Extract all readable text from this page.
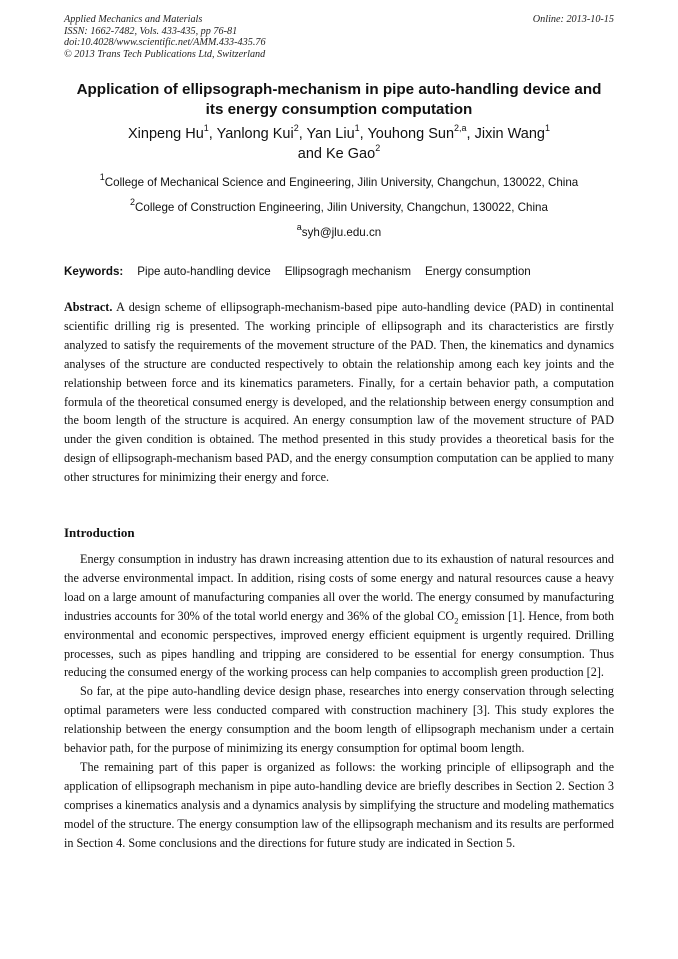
Applied Mechanics and Materials
ISSN: 1662-7482, Vols. 433-435, pp 76-81
doi:10.4028/www.scientific.net/AMM.433-435.76
© 2013 Trans Tech Publications Ltd, Switzerland
Online: 2013-10-15
Application of ellipsograph-mechanism in pipe auto-handling device and
its energy consumption computation
Xinpeng Hu$^1$, Yanlong Kui$^2$, Yan Liu$^1$, Youhong Sun$^{2,a}$, Jixin Wang$^1$
and Ke Gao$^2$
$^1$College of Mechanical Science and Engineering, Jilin University, Changchun, 130022, China
$^2$College of Construction Engineering, Jilin University, Changchun, 130022, China
$^a$syh@jlu.edu.cn
Keywords: Pipe auto-handling device Ellipsogragh mechanism Energy consumption
Abstract. A design scheme of ellipsograph-mechanism-based pipe auto-handling device (PAD) in continental scientific drilling rig is presented. The working principle of ellipsograph and its characteristics are firstly analyzed to satisfy the requirements of the movement structure of the PAD. Then, the kinematics and dynamics analyses of the structure are conducted respectively to obtain the relationship among each key joints and the relationship between force and its kinematics parameters. Finally, for a certain behavior path, a computation formula of the theoretical consumed energy is developed, and the relationship between energy consumption and the boom length of the structure is acquired. An energy consumption law of the movement structure of PAD under the given condition is obtained. The method presented in this study provides a theoretical basis for the design of ellipsograph-mechanism based PAD, and the energy consumption computation can be applied to many other structures for minimizing their energy and force.
Introduction

Energy consumption in industry has drawn increasing attention due to its exhaustion of natural resources and the adverse environmental impact. In addition, rising costs of some energy and natural resources cause a heavy load on a large amount of manufacturing companies all over the world. The energy consumed by manufacturing industries accounts for 30% of the total world energy and 36% of the global $CO_2$ emission [1]. Hence, from both environmental and economic perspectives, improved energy efficient equipment is urgently required. Drilling processes, such as pipes handling and tripping are considered to be essential for energy consumption. Thus reducing the consumed energy of the working process can help companies to accomplish green production [2].

So far, at the pipe auto-handling device design phase, researches into energy conservation through selecting optimal parameters were less conducted compared with construction machinery [3]. This study explores the relationship between the energy consumption and the boom length of ellipsograph mechanism under a certain behavior path, for the purpose of minimizing its energy consumption for optimal boom length.

The remaining part of this paper is organized as follows: the working principle of ellipsograph and the application of ellipsograph mechanism in pipe auto-handling device are briefly describes in Section 2. Section 3 comprises a kinematics analysis and a dynamics analysis by simplifying the structure and modeling mathematics model of the structure. The energy consumption law of the ellipsograph mechanism and its results are performed in Section 4. Some conclusions and the directions for future study are indicated in Section 5.
